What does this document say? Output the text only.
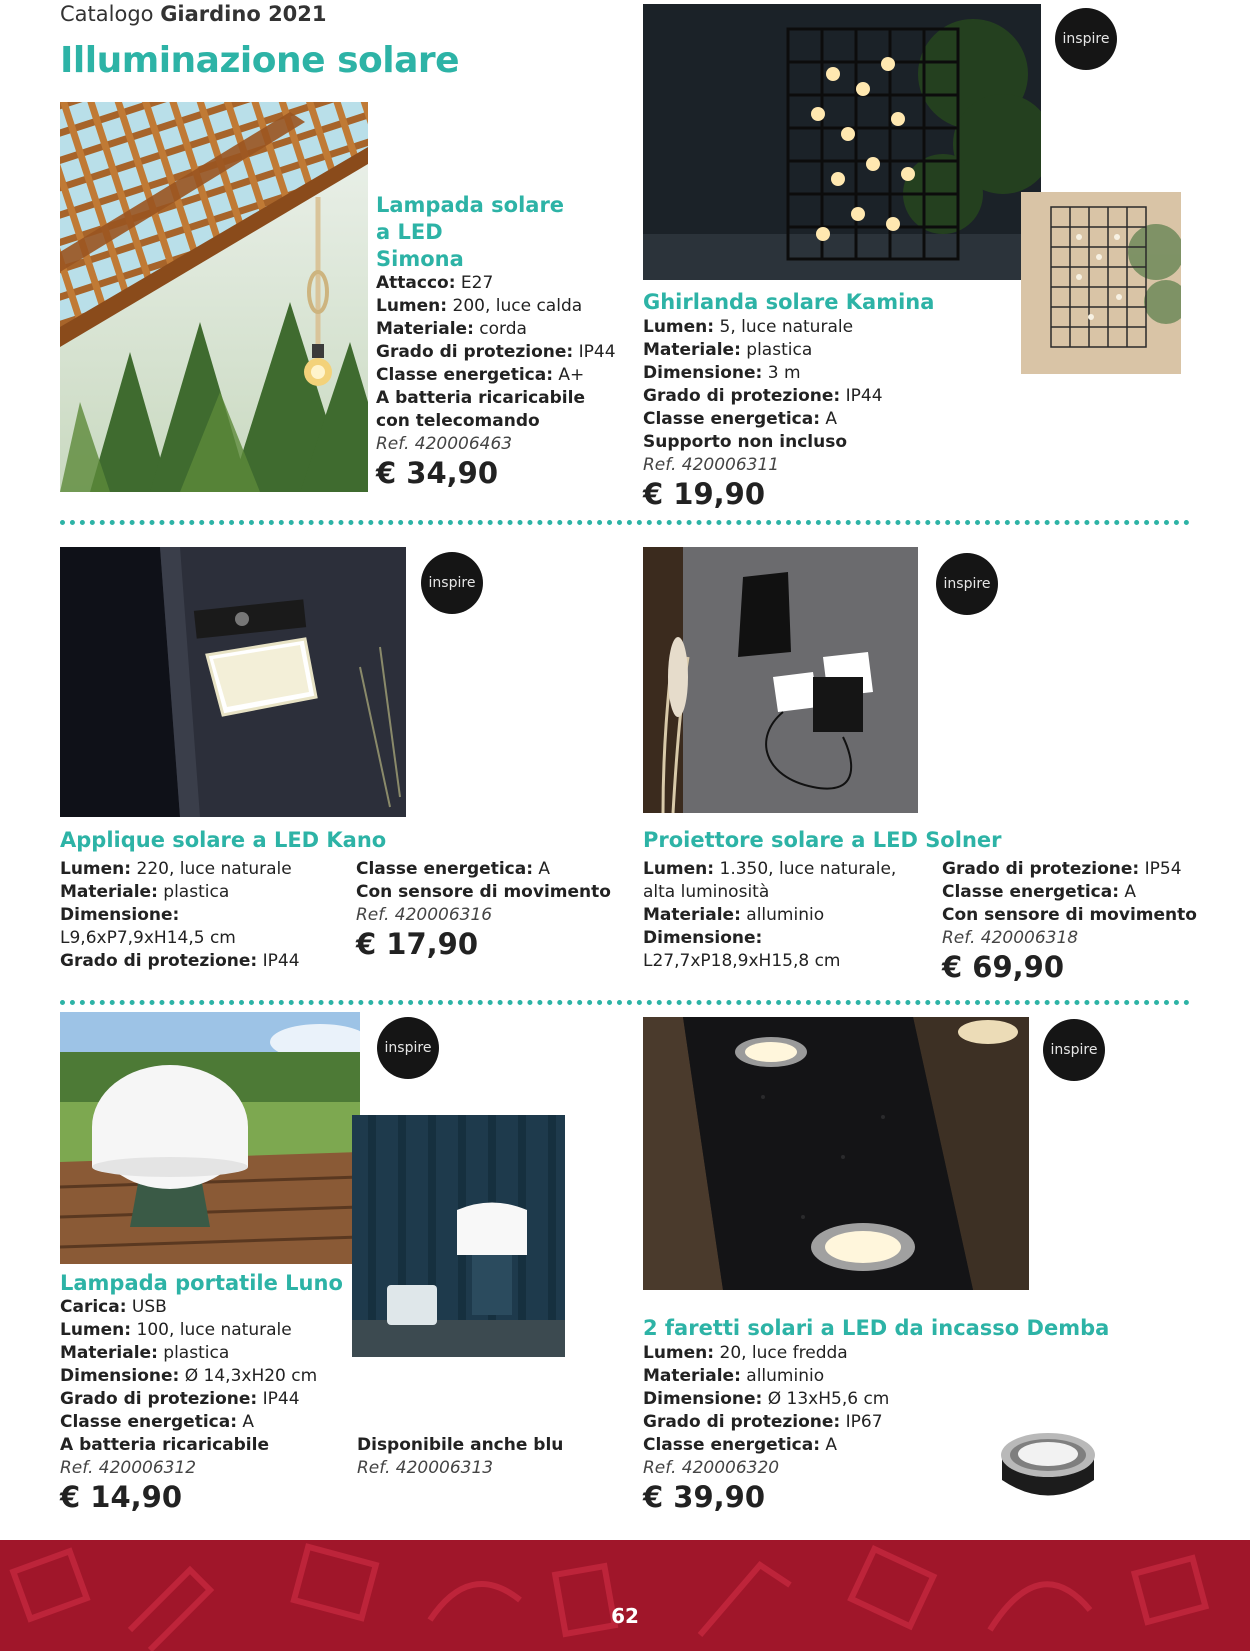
Catalogo Giardino 2021
Illuminazione solare
Lampada solare
a LED
Simona
Attacco: E27
Lumen: 200, luce calda
Materiale: corda
Grado di protezione: IP44
Classe energetica: A+
A batteria ricaricabile
con telecomando
Ref. 420006463
€ 34,90
inspire
Ghirlanda solare Kamina
Lumen: 5, luce naturale
Materiale: plastica
Dimensione: 3 m
Grado di protezione: IP44
Classe energetica: A
Supporto non incluso
Ref. 420006311
€ 19,90
inspire
Applique solare a LED Kano
Lumen: 220, luce naturale
Materiale: plastica
Dimensione:
L9,6xP7,9xH14,5 cm
Grado di protezione: IP44
Classe energetica: A
Con sensore di movimento
Ref. 420006316
€ 17,90
inspire
Proiettore solare a LED Solner
Lumen: 1.350, luce naturale,
alta luminosità
Materiale: alluminio
Dimensione:
L27,7xP18,9xH15,8 cm
Grado di protezione: IP54
Classe energetica: A
Con sensore di movimento
Ref. 420006318
€ 69,90
inspire
Lampada portatile Luno
Carica: USB
Lumen: 100, luce naturale
Materiale: plastica
Dimensione: Ø 14,3xH20 cm
Grado di protezione: IP44
Classe energetica: A
A batteria ricaricabile
Ref. 420006312
€ 14,90
Disponibile anche blu
Ref. 420006313
inspire
2 faretti solari a LED da incasso Demba
Lumen: 20, luce fredda
Materiale: alluminio
Dimensione: Ø 13xH5,6 cm
Grado di protezione: IP67
Classe energetica: A
Ref. 420006320
€ 39,90
62
